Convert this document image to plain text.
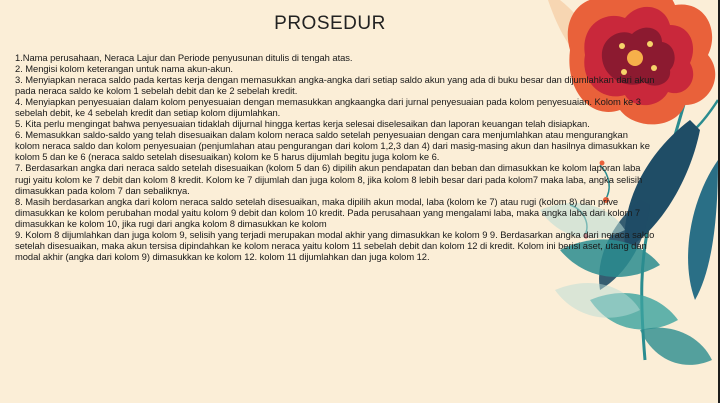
PROSEDUR
1.Nama perusahaan, Neraca Lajur dan Periode penyusunan ditulis di tengah atas.
2. Mengisi kolom keterangan untuk nama akun-akun.
3. Menyiapkan neraca saldo pada kertas kerja dengan memasukkan angka-angka dari setiap saldo akun yang ada di buku besar dan dijumlahkan dari akun pada neraca saldo ke kolom 1 sebelah debit dan ke 2 sebelah kredit.
4. Menyiapkan penyesuaian dalam kolom penyesuaian dengan memasukkan angkaangka dari jurnal penyesuaian pada kolom penyesuaian. Kolom ke 3 sebelah debit, ke 4 sebelah kredit dan setiap kolom dijumlahkan.
5. Kita perlu mengingat bahwa penyesuaian tidaklah dijurnal hingga kertas kerja selesai diselesaikan dan laporan keuangan telah disiapkan.
6. Memasukkan saldo-saldo yang telah disesuaikan dalam kolom neraca saldo setelah penyesuaian dengan cara menjumlahkan atau mengurangkan kolom neraca saldo dan kolom penyesuaian (penjumlahan atau pengurangan dari kolom 1,2,3 dan 4) dari masig-masing akun dan hasilnya dimasukkan ke kolom 5 dan ke 6 (neraca saldo setelah disesuaikan) kolom ke 5 harus dijumlah begitu juga kolom ke 6.
7. Berdasarkan angka dari neraca saldo setelah disesuaikan (kolom 5 dan 6) dipilih akun pendapatan dan beban dan dimasukkan ke kolom laporan laba rugi yaitu kolom ke 7 debit dan kolom 8 kredit. Kolom ke 7 dijumlah dan juga kolom 8, jika kolom 8 lebih besar dari pada kolom7 maka laba, angka selisih dimasukkan pada kolom 7 dan sebaliknya.
8. Masih berdasarkan angka dari kolom neraca saldo setelah disesuaikan, maka dipilih akun modal, laba (kolom ke 7) atau rugi (kolom 8) dan prive dimasukkan ke kolom perubahan modal yaitu kolom 9 debit dan kolom 10 kredit. Pada perusahaan yang mengalami laba, maka angka laba dari kolom 7 dimasukkan ke kolom 10, jika rugi dari angka kolom 8 dimasukkan ke kolom
9. Kolom 8 dijumlahkan dan juga kolom 9, selisih yang terjadi merupakan modal akhir yang dimasukkan ke kolom 9 9. Berdasarkan angka dari neraca saldo setelah disesuaikan, maka akun tersisa dipindahkan ke kolom neraca yaitu kolom 11 sebelah debit dan kolom 12 di kredit. Kolom ini berisi aset, utang dan modal akhir (angka dari kolom 9) dimasukkan ke kolom 12. kolom 11 dijumlahkan dan juga kolom 12.
